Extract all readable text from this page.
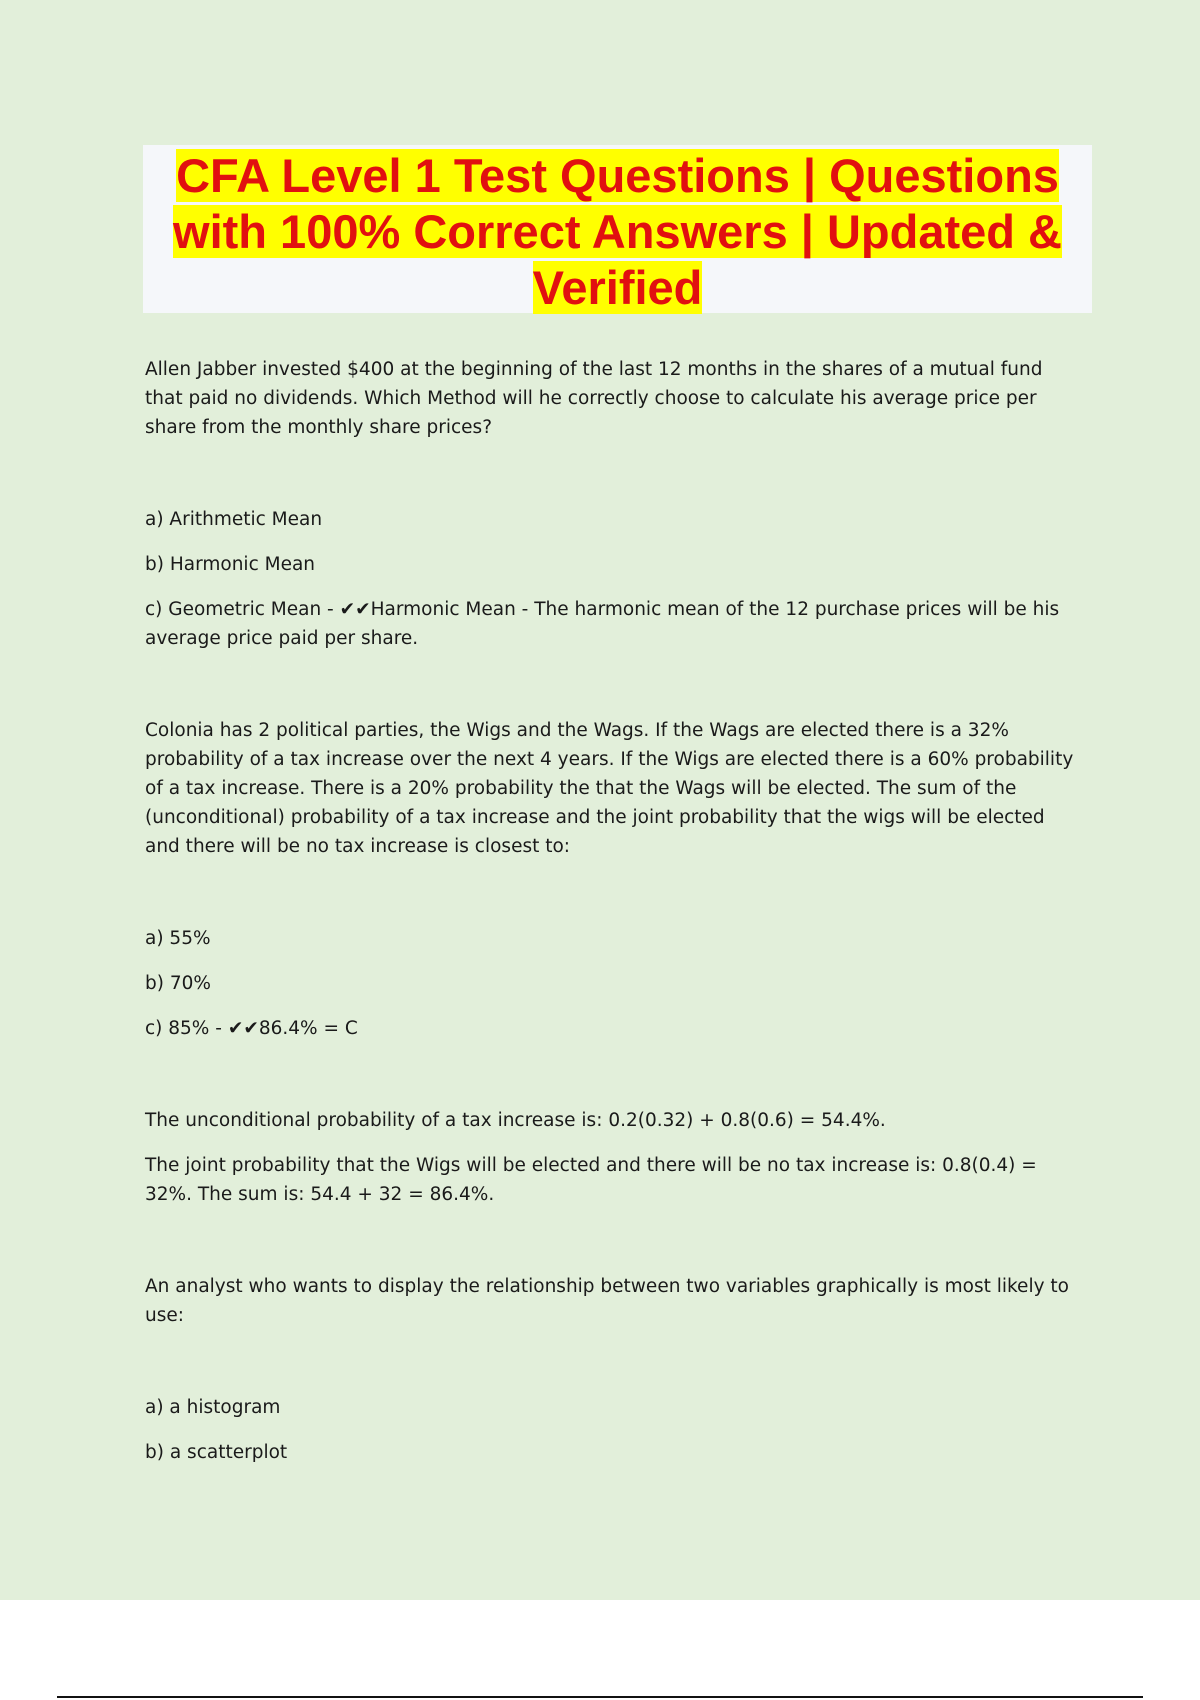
CFA Level 1 Test Questions | Questions
with 100% Correct Answers | Updated &
Verified

Allen Jabber invested $400 at the beginning of the last 12 months in the shares of a mutual fund that paid no dividends. Which Method will he correctly choose to calculate his average price per share from the monthly share prices?

a) Arithmetic Mean

b) Harmonic Mean

c) Geometric Mean - ✔✔Harmonic Mean - The harmonic mean of the 12 purchase prices will be his average price paid per share.

Colonia has 2 political parties, the Wigs and the Wags. If the Wags are elected there is a 32% probability of a tax increase over the next 4 years. If the Wigs are elected there is a 60% probability of a tax increase. There is a 20% probability the that the Wags will be elected. The sum of the (unconditional) probability of a tax increase and the joint probability that the wigs will be elected and there will be no tax increase is closest to:

a) 55%

b) 70%

c) 85% - ✔✔86.4% = C

The unconditional probability of a tax increase is: 0.2(0.32) + 0.8(0.6) = 54.4%.

The joint probability that the Wigs will be elected and there will be no tax increase is: 0.8(0.4) = 32%. The sum is: 54.4 + 32 = 86.4%.

An analyst who wants to display the relationship between two variables graphically is most likely to use:

a) a histogram

b) a scatterplot
